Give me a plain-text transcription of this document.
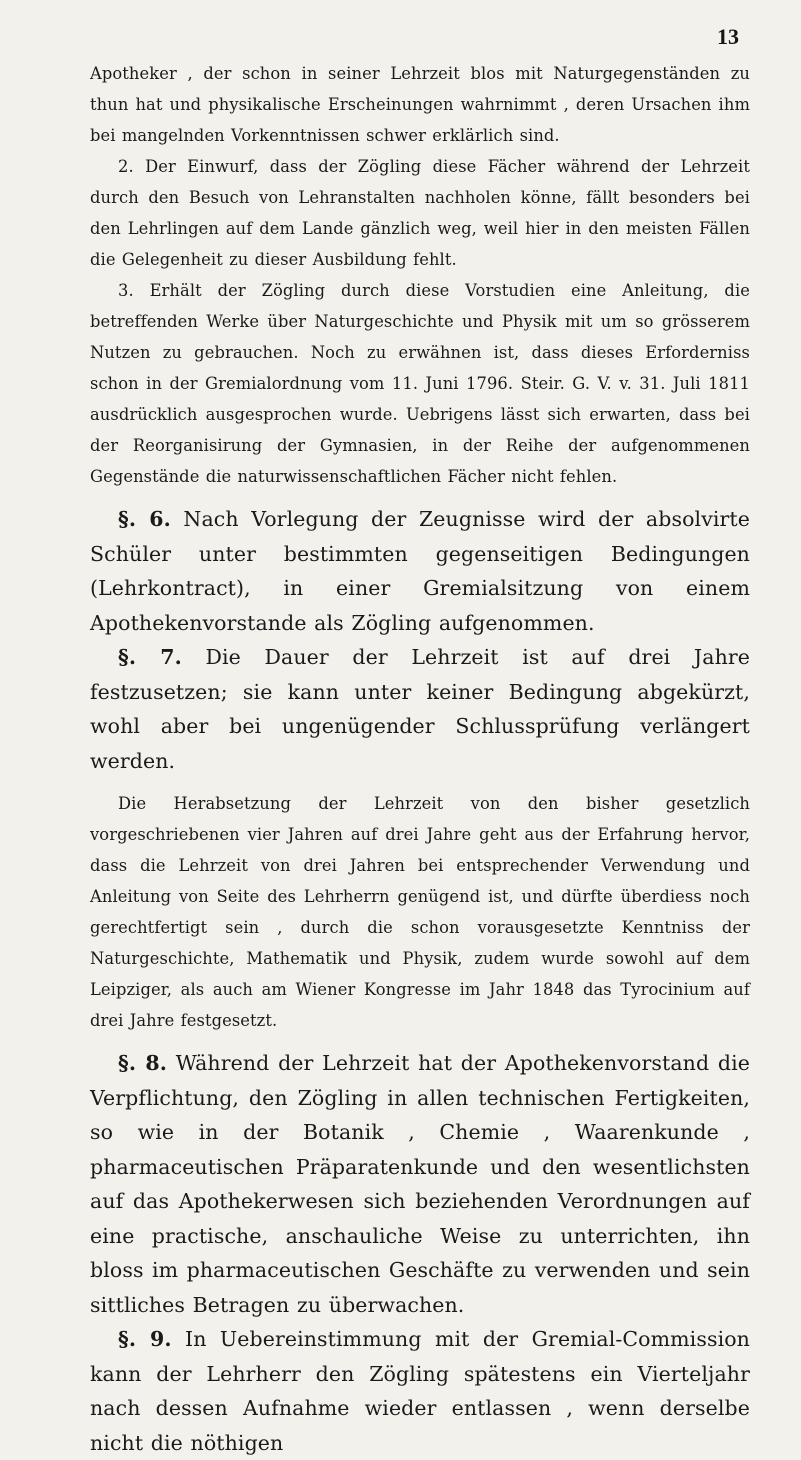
13

Apotheker , der schon in seiner Lehrzeit blos mit Naturgegenständen zu thun hat und physikalische Erscheinungen wahrnimmt , deren Ursachen ihm bei mangelnden Vorkenntnissen schwer erklärlich sind.

2. Der Einwurf, dass der Zögling diese Fächer während der Lehrzeit durch den Besuch von Lehranstalten nachholen könne, fällt besonders bei den Lehrlingen auf dem Lande gänzlich weg, weil hier in den meisten Fällen die Gelegenheit zu dieser Ausbildung fehlt.

3. Erhält der Zögling durch diese Vorstudien eine Anleitung, die betreffenden Werke über Naturgeschichte und Physik mit um so grösserem Nutzen zu gebrauchen. Noch zu erwähnen ist, dass dieses Erforderniss schon in der Gremialordnung vom 11. Juni 1796. Steir. G. V. v. 31. Juli 1811 ausdrücklich ausgesprochen wurde. Uebrigens lässt sich erwarten, dass bei der Reorganisirung der Gymnasien, in der Reihe der aufgenommenen Gegenstände die naturwissenschaftlichen Fächer nicht fehlen.

§. 6. Nach Vorlegung der Zeugnisse wird der absolvirte Schüler unter bestimmten gegenseitigen Bedingungen (Lehrkontract), in einer Gremialsitzung von einem Apothekenvorstande als Zögling aufgenommen.

§. 7. Die Dauer der Lehrzeit ist auf drei Jahre festzusetzen; sie kann unter keiner Bedingung abgekürzt, wohl aber bei ungenügender Schlussprüfung verlängert werden.

Die Herabsetzung der Lehrzeit von den bisher gesetzlich vorgeschriebenen vier Jahren auf drei Jahre geht aus der Erfahrung hervor, dass die Lehrzeit von drei Jahren bei entsprechender Verwendung und Anleitung von Seite des Lehrherrn genügend ist, und dürfte überdiess noch gerechtfertigt sein , durch die schon vorausgesetzte Kenntniss der Naturgeschichte, Mathematik und Physik, zudem wurde sowohl auf dem Leipziger, als auch am Wiener Kongresse im Jahr 1848 das Tyrocinium auf drei Jahre festgesetzt.

§. 8. Während der Lehrzeit hat der Apothekenvorstand die Verpflichtung, den Zögling in allen technischen Fertigkeiten, so wie in der Botanik , Chemie , Waarenkunde , pharmaceutischen Präparatenkunde und den wesentlichsten auf das Apothekerwesen sich beziehenden Verordnungen auf eine practische, anschauliche Weise zu unterrichten, ihn bloss im pharmaceutischen Geschäfte zu verwenden und sein sittliches Betragen zu überwachen.

§. 9. In Uebereinstimmung mit der Gremial-Commission kann der Lehrherr den Zögling spätestens ein Vierteljahr nach dessen Aufnahme wieder entlassen , wenn derselbe nicht die nöthigen
